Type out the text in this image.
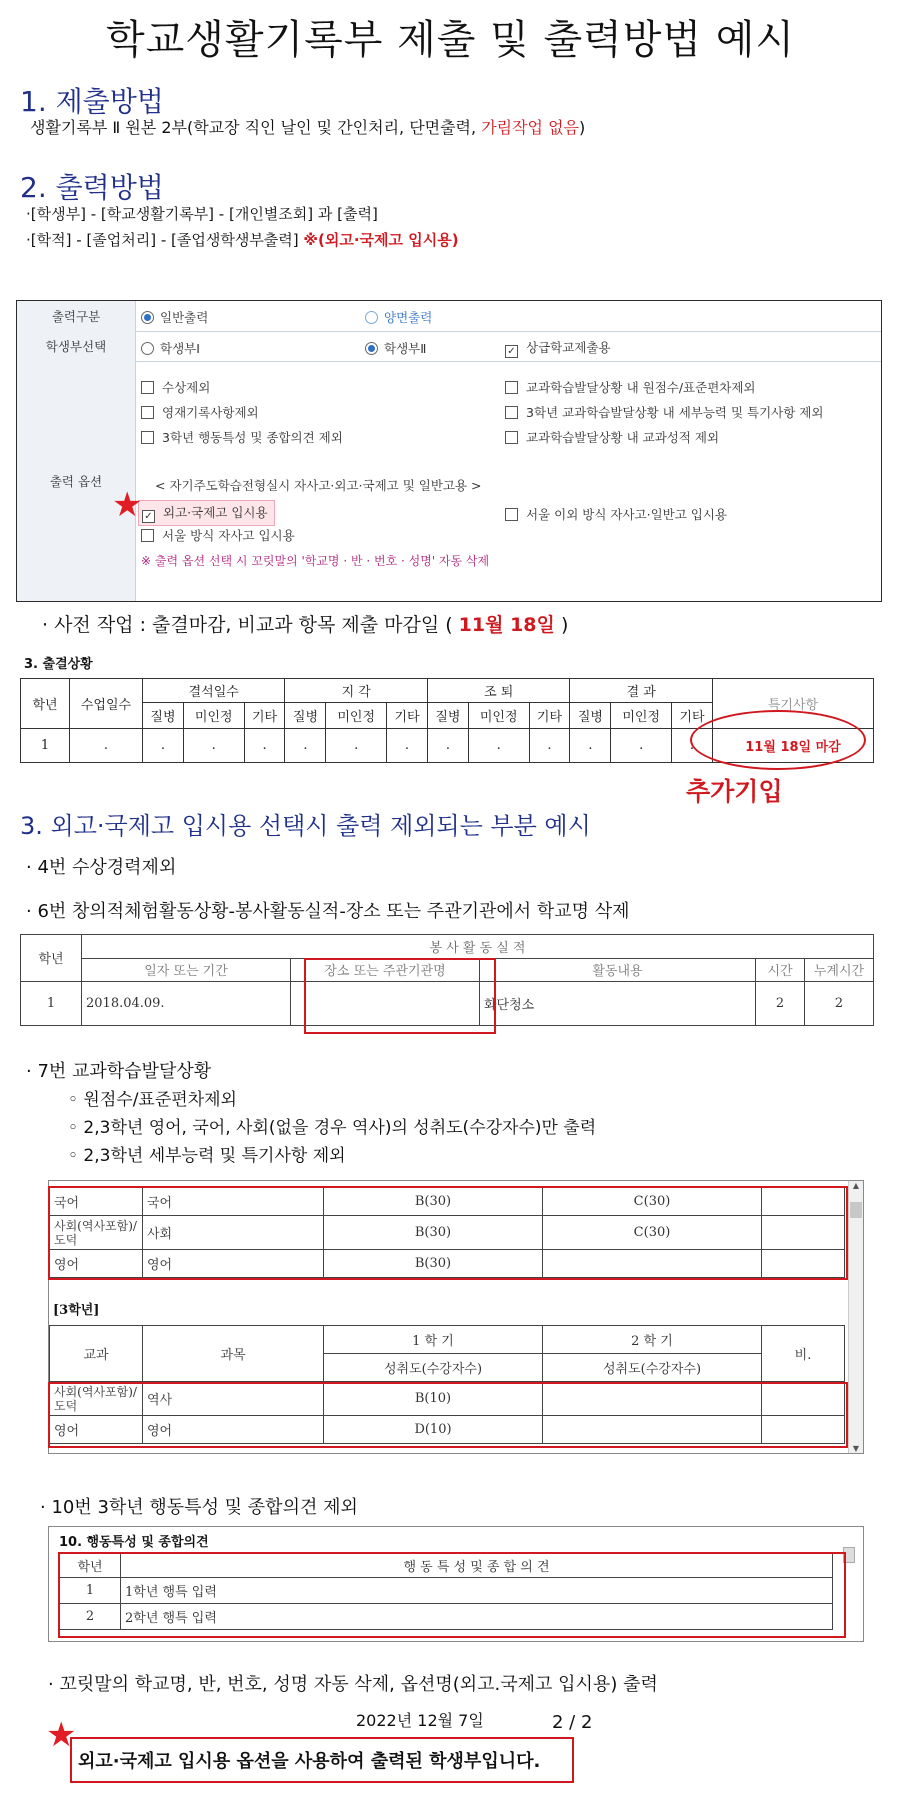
학교생활기록부 제출 및 출력방법 예시
1. 제출방법
생활기록부 Ⅱ 원본 2부(학교장 직인 날인 및 간인처리, 단면출력, 가림작업 없음)
2. 출력방법
·[학생부] - [학교생활기록부] - [개인별조회] 과 [출력]
·[학적] - [졸업처리] - [졸업생학생부출력] ※(외고·국제고 입시용)
출력구분	일반출력	양면출력
학생부선택	학생부Ⅰ	학생부Ⅱ	✓ 상급학교제출용
출력 옵션
수상제외
영재기록사항제외
3학년 행동특성 및 종합의견 제외
교과학습발달상황 내 원점수/표준편차제외
3학년 교과학습발달상황 내 세부능력 및 특기사항 제외
교과학습발달상황 내 교과성적 제외
< 자기주도학습전형실시 자사고·외고·국제고 및 일반고용 >
✓ 외고·국제고 입시용	서울 이외 방식 자사고·일반고 입시용
서울 방식 자사고 입시용
※ 출력 옵션 선택 시 꼬릿말의 '학교명 · 반 · 번호 · 성명' 자동 삭제
★
· 사전 작업 : 출결마감, 비교과 항목 제출 마감일 ( 11월 18일 )
3. 출결상황
학년	수업일수	결석일수			지 각			조 퇴			결 과			특기사항
		질병	미인정	기타	질병	미인정	기타	질병	미인정	기타	질병	미인정	기타	
1	.	.	.	.	.	.	.	.	.	.	.	.	.	11월 18일 마감
추가기입
3. 외고·국제고 입시용 선택시 출력 제외되는 부분 예시
· 4번 수상경력제외
· 6번 창의적체험활동상황-봉사활동실적-장소 또는 주관기관에서 학교명 삭제
학년	봉 사 활 동 실 적				
	일자 또는 기간	장소 또는 주관기관명	활동내용	시간	누계시간
1	2018.04.09.		화단청소	2	2
· 7번 교과학습발달상황
◦ 원점수/표준편차제외
◦ 2,3학년 영어, 국어, 사회(없을 경우 역사)의 성취도(수강자수)만 출력
◦ 2,3학년 세부능력 및 특기사항 제외
국어	국어	B(30)	C(30)	
사회(역사포함)/도덕	사회	B(30)	C(30)	
영어	영어	B(30)		
[3학년]
교과	과목	1 학 기	2 학 기	비.
		성취도(수강자수)	성취도(수강자수)	
사회(역사포함)/도덕	역사	B(10)		
영어	영어	D(10)		
▲
▼
· 10번 3학년 행동특성 및 종합의견 제외
10. 행동특성 및 종합의견
학년	행 동 특 성 및 종 합 의 견
1	1학년 행특 입력
2	2학년 행특 입력
· 꼬릿말의 학교명, 반, 번호, 성명 자동 삭제, 옵션명(외고.국제고 입시용) 출력
2022년 12월 7일	2 / 2
★
외고·국제고 입시용 옵션을 사용하여 출력된 학생부입니다.
